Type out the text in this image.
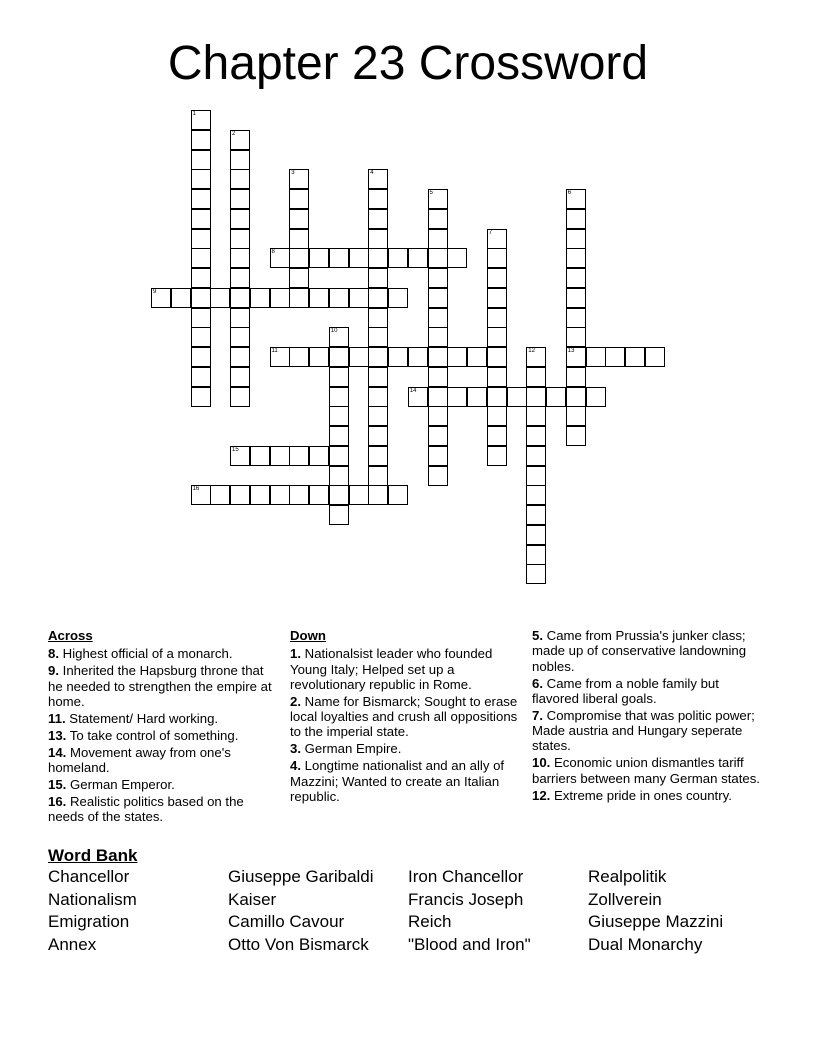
Chapter 23 Crossword
1
2
3	4
5	6
13
7
8
9
10
11	12
14
15
16
Across
8. Highest official of a monarch.
9. Inherited the Hapsburg throne that he needed to strengthen the empire at home.
11. Statement/ Hard working.
13. To take control of something.
14. Movement away from one's homeland.
15. German Emperor.
16. Realistic politics based on the needs of the states.
Down
1. Nationalsist leader who founded Young Italy; Helped set up a revolutionary republic in Rome.
2. Name for Bismarck; Sought to erase local loyalties and crush all oppositions to the imperial state.
3. German Empire.
4. Longtime nationalist and an ally of Mazzini; Wanted to create an Italian republic.
5. Came from Prussia's junker class; made up of conservative landowning nobles.
6. Came from a noble family but flavored liberal goals.
7. Compromise that was politic power; Made austria and Hungary seperate states.
10. Economic union dismantles tariff barriers between many German states.
12. Extreme pride in ones country.
Word Bank
Chancellor	Giuseppe Garibaldi	Iron Chancellor	Realpolitik
Nationalism	Kaiser	Francis Joseph	Zollverein
Emigration	Camillo Cavour	Reich	Giuseppe Mazzini
Annex	Otto Von Bismarck	"Blood and Iron"	Dual Monarchy
